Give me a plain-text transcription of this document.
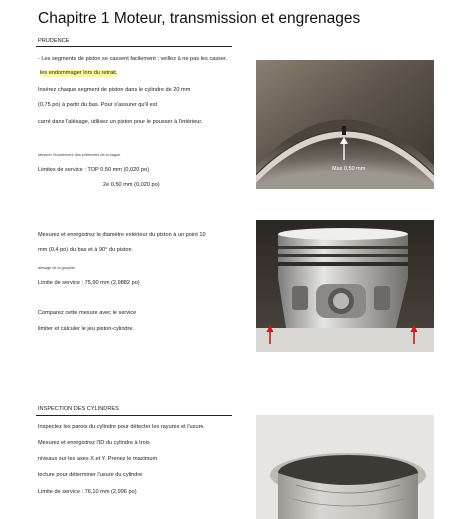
Chapitre 1 Moteur, transmission et engrenages
PRUDENCE
- Les segments de piston se cassent facilement ; veillez à ne pas les casser.
les endommager lors du retrait.
Insérez chaque segment de piston dans le cylindre de 20 mm
(0,75 po) à partir du bas. Pour s'assurer qu'il est
carré dans l'alésage, utilisez un piston pour le pousser à l'intérieur.
Mesurer l'écartement des extrémités de la bague.
Limites de service : TOP 0,50 mm (0,020 po)
2e 0,50 mm (0,020 po)
Max 0,50 mm
Mesurez et enregistrez le diamètre extérieur du piston à un point 10
mm (0,4 po) du bas et à 90° du piston
alésage de la goupille.
Limite de service : 75,90 mm (2,9882 po)
Comparez cette mesure avec le service
limiter et calculer le jeu piston-cylindre.
INSPECTION DES CYLINDRES
Inspectez les parois du cylindre pour détecter les rayures et l'usure.
Mesurez et enregistrez l'ID du cylindre à trois
niveaux sur les axes X et Y. Prenez le maximum
lecture pour déterminer l'usure du cylindre.
Limite de service : 76,10 mm (2,996 po)
